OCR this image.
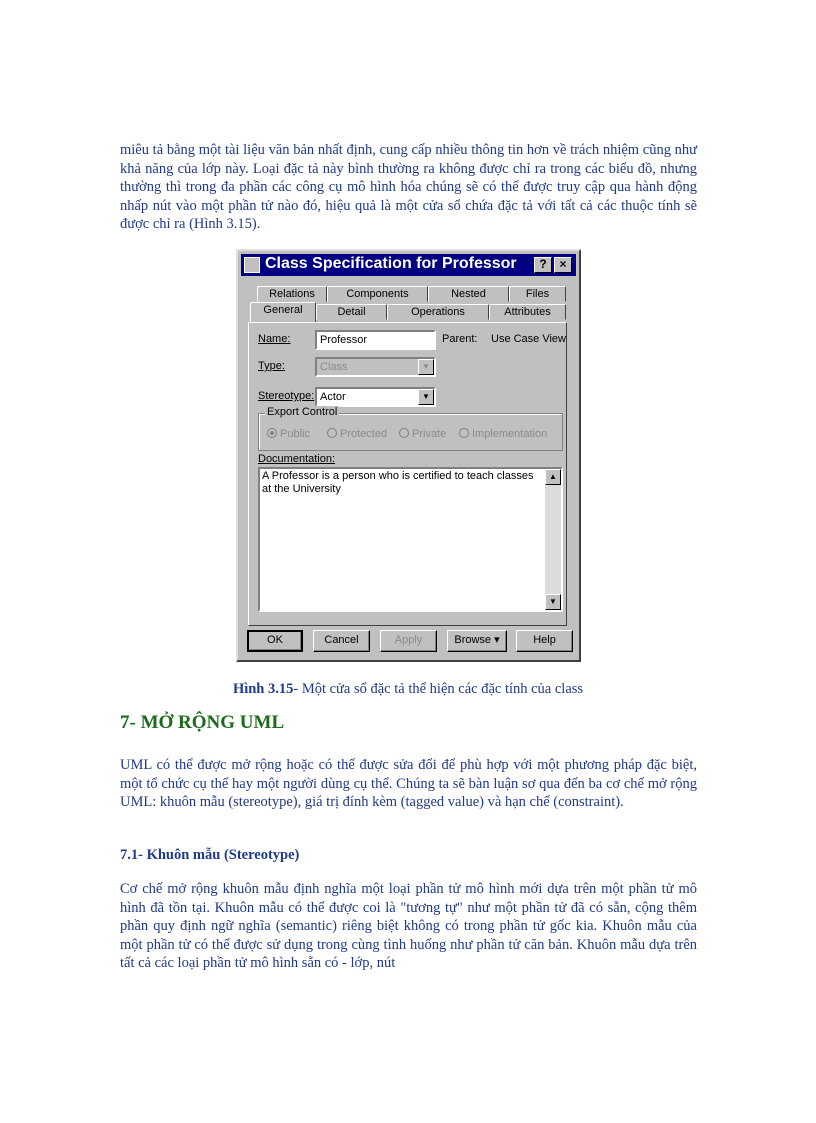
miêu tả bằng một tài liệu văn bản nhất định, cung cấp nhiều thông tin hơn về trách nhiệm cũng như khả năng của lớp này. Loại đặc tả này bình thường ra không được chỉ ra trong các biểu đồ, nhưng thường thì trong đa phần các công cụ mô hình hóa chúng sẽ có thể được truy cập qua hành động nhấp nút vào một phần tử nào đó, hiệu quả là một cửa sổ chứa đặc tả với tất cả các thuộc tính sẽ được chỉ ra (Hình 3.15).

Class Specification for Professor	?	×
Relations	Components	Nested	Files
General	Detail	Operations	Attributes
Name:	Professor	Parent: Use Case View
Type:	Class	▼
Stereotype: Actor	▼
Export Control
Public	Protected	Private	Implementation
Documentation:
A Professor is a person who is certified to teach classes at the University
▲
▼
OK	Cancel	Apply	Browse ▾	Help
Hình 3.15- Một cửa sổ đặc tả thể hiện các đặc tính của class
7- MỞ RỘNG UML

UML có thể được mở rộng hoặc có thể được sửa đổi để phù hợp với một phương pháp đặc biệt, một tổ chức cụ thể hay một người dùng cụ thể. Chúng ta sẽ bàn luận sơ qua đến ba cơ chế mở rộng UML: khuôn mẫu (stereotype), giá trị đính kèm (tagged value) và hạn chế (constraint).

7.1- Khuôn mẫu (Stereotype)

Cơ chế mở rộng khuôn mẫu định nghĩa một loại phần tử mô hình mới dựa trên một phần tử mô hình đã tồn tại. Khuôn mẫu có thể được coi là "tương tự" như một phần tử đã có sẵn, cộng thêm phần quy định ngữ nghĩa (semantic) riêng biệt không có trong phần tử gốc kia. Khuôn mẫu của một phần tử có thể được sử dụng trong cùng tình huống như phần tử căn bản. Khuôn mẫu dựa trên tất cả các loại phần tử mô hình sẵn có - lớp, nút
